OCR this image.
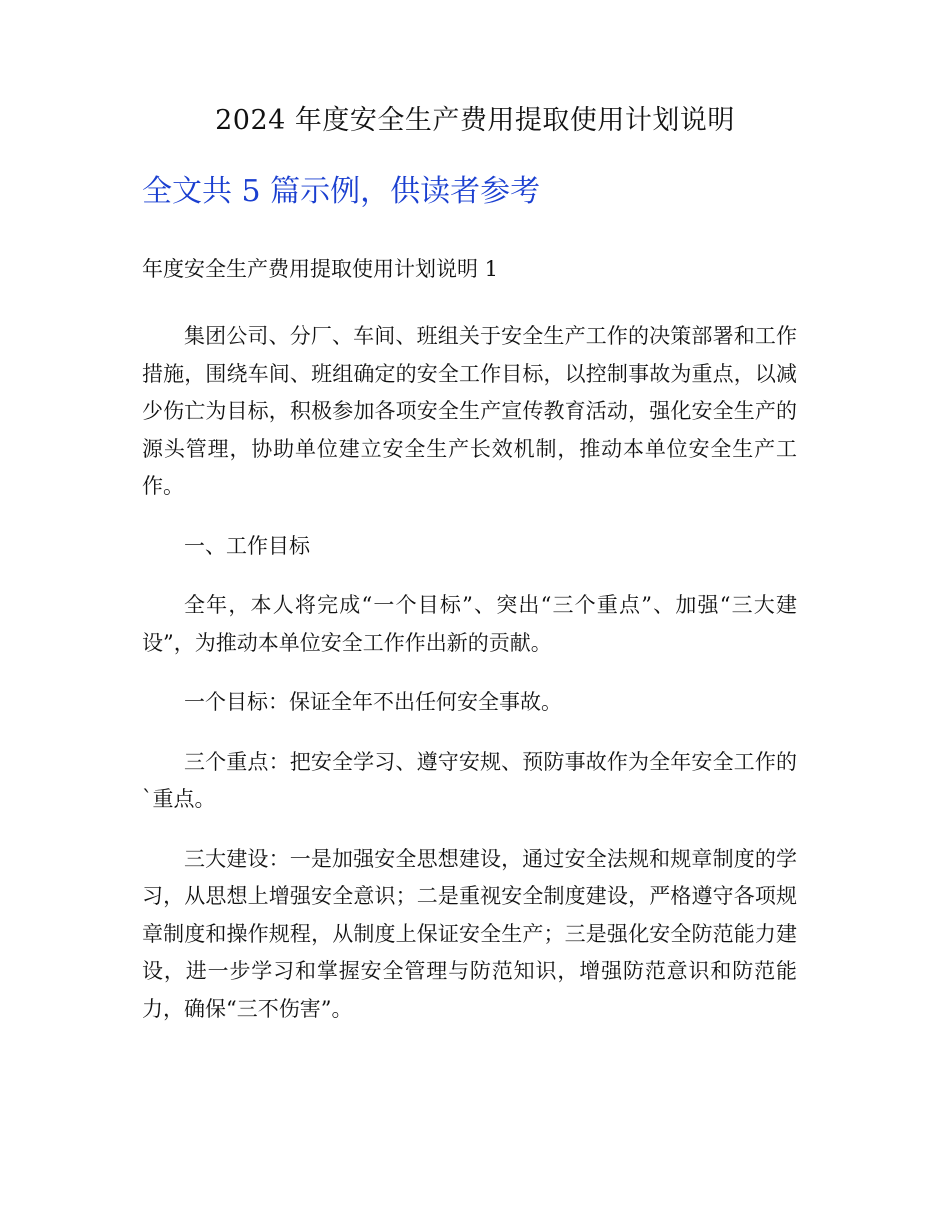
2024 年度安全生产费用提取使用计划说明
全文共 5 篇示例，供读者参考
年度安全生产费用提取使用计划说明 1

集团公司、分厂、车间、班组关于安全生产工作的决策部署和工作措施，围绕车间、班组确定的安全工作目标，以控制事故为重点，以减少伤亡为目标，积极参加各项安全生产宣传教育活动，强化安全生产的源头管理，协助单位建立安全生产长效机制，推动本单位安全生产工作。

一、工作目标

全年，本人将完成“一个目标”、突出“三个重点”、加强“三大建设”，为推动本单位安全工作作出新的贡献。

一个目标：保证全年不出任何安全事故。

三个重点：把安全学习、遵守安规、预防事故作为全年安全工作的`重点。

三大建设：一是加强安全思想建设，通过安全法规和规章制度的学习，从思想上增强安全意识；二是重视安全制度建设，严格遵守各项规章制度和操作规程，从制度上保证安全生产；三是强化安全防范能力建设，进一步学习和掌握安全管理与防范知识，增强防范意识和防范能力，确保“三不伤害”。
